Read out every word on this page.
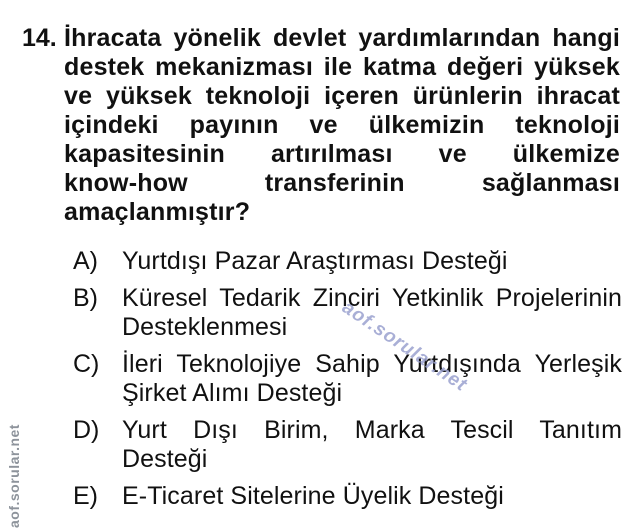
14. İhracata yönelik devlet yardımlarından hangi
destek mekanizması ile katma değeri yüksek
ve yüksek teknoloji içeren ürünlerin ihracat
içindeki payının ve ülkemizin teknoloji
kapasitesinin artırılması ve ülkemize
know-how transferinin sağlanması
amaçlanmıştır?
A) Yurtdışı Pazar Araştırması Desteği
B) Küresel Tedarik Zinciri Yetkinlik Projelerinin
Desteklenmesi
C) İleri Teknolojiye Sahip Yurtdışında Yerleşik
Şirket Alımı Desteği
D) Yurt Dışı Birim, Marka Tescil Tanıtım
Desteği
E) E-Ticaret Sitelerine Üyelik Desteği
aof.sorular.net
aof.sorular.net
